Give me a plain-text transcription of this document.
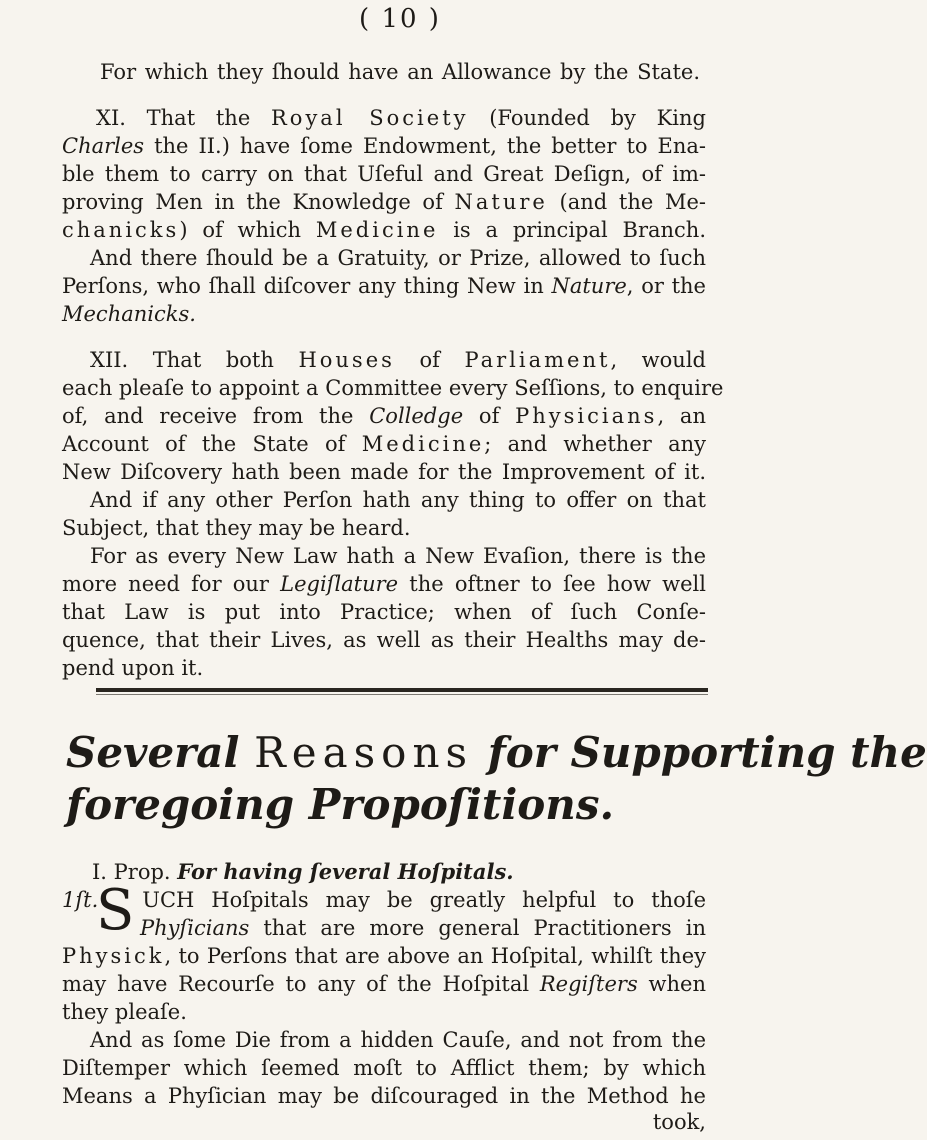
( 10 )
For which they ſhould have an Allowance by the State.
XI. That the Royal Society (Founded by King
Charles the II.) have ſome Endowment, the better to Ena-
ble them to carry on that Uſeful and Great Deſign, of im-
proving Men in the Knowledge of Nature (and the Me-
chanicks) of which Medicine is a principal Branch.
And there ſhould be a Gratuity, or Prize, allowed to ſuch
Perſons, who ſhall diſcover any thing New in Nature, or the
Mechanicks.
XII. That both Houses of Parliament, would
each pleaſe to appoint a Committee every Seſſions, to enquire
of, and receive from the Colledge of Physicians, an
Account of the State of Medicine; and whether any
New Diſcovery hath been made for the Improvement of it.
And if any other Perſon hath any thing to offer on that
Subject, that they may be heard.
For as every New Law hath a New Evaſion, there is the
more need for our Legiſlature the oftner to ſee how well
that Law is put into Practice; when of ſuch Conſe-
quence, that their Lives, as well as their Healths may de-
pend upon it.
Several Reasons for Supporting the
foregoing Propoſitions.
I. Prop. For having ſeveral Hoſpitals.
1ſt. UCH Hoſpitals may be greatly helpful to thoſe
S Phyſicians that are more general Practitioners in
Physick, to Perſons that are above an Hoſpital, whilſt they
may have Recourſe to any of the Hoſpital Regiſters when
they pleaſe.
And as ſome Die from a hidden Cauſe, and not from the
Diſtemper which ſeemed moſt to Afflict them; by which
Means a Phyſician may be diſcouraged in the Method he
took,
